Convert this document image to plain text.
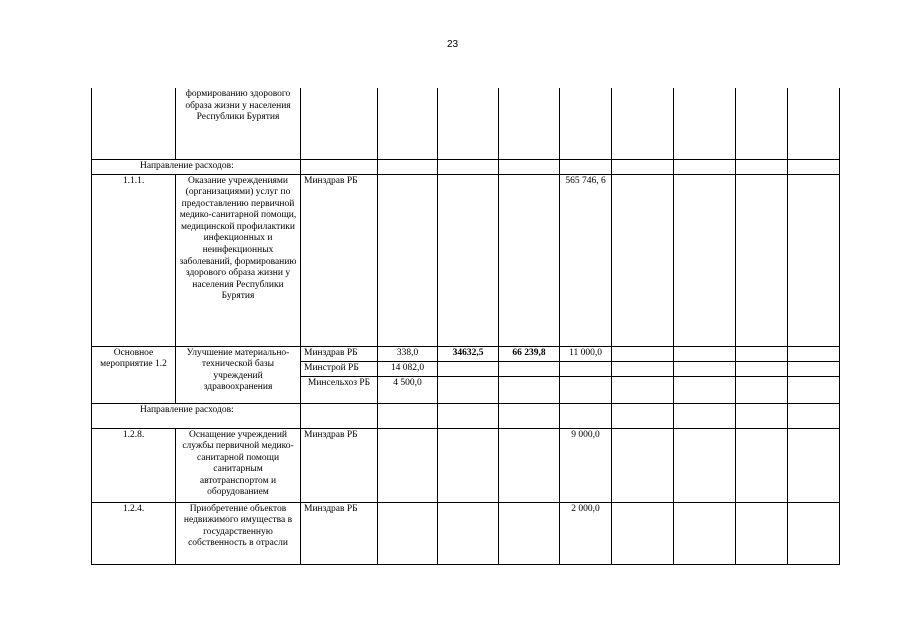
23
	формированию здорового образа жизни у населения Республики Бурятия									
Направление расходов:										
1.1.1.	Оказание учреждениями (организациями) услуг по предоставлению первичной медико-санитарной помощи, медицинской профилактики инфекционных и неинфекционных заболеваний, формированию здорового образа жизни у населения Республики Бурятия	Минздрав РБ				565 746, 6				
Основное мероприятие 1.2	Улучшение материально-технической базы учреждений здравоохранения	Минздрав РБ	338,0	34632,5	66 239,8	11 000,0				
		Минстрой РБ	14 082,0							
		Минсельхоз РБ	4 500,0							
Направление расходов:										
1.2.8.	Оснащение учреждений службы первичной медико-санитарной помощи санитарным автотранспортом и оборудованием	Минздрав РБ				9 000,0				
1.2.4.	Приобретение объектов недвижимого имущества в государственную собственность в отрасли	Минздрав РБ				2 000,0				
